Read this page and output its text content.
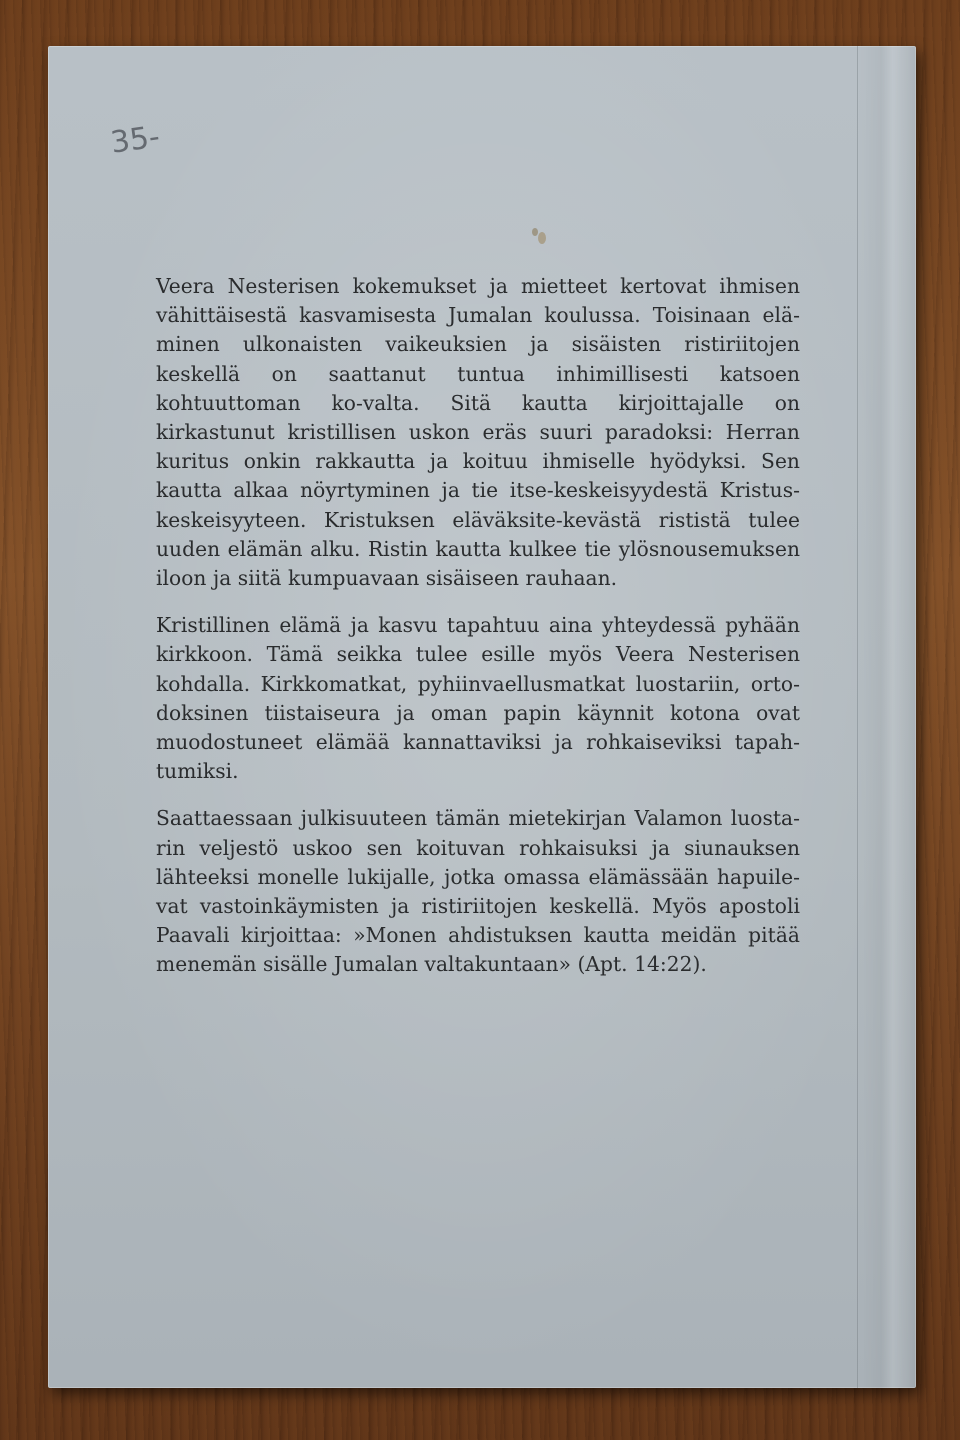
35-

Veera Nesterisen kokemukset ja mietteet kertovat ihmisen vähittäisestä kasvamisesta Jumalan koulussa. Toisinaan elä-minen ulkonaisten vaikeuksien ja sisäisten ristiriitojen keskellä on saattanut tuntua inhimillisesti katsoen kohtuuttoman ko-valta. Sitä kautta kirjoittajalle on kirkastunut kristillisen uskon eräs suuri paradoksi: Herran kuritus onkin rakkautta ja koituu ihmiselle hyödyksi. Sen kautta alkaa nöyrtyminen ja tie itse-keskeisyydestä Kristus-keskeisyyteen. Kristuksen eläväksite-kevästä rististä tulee uuden elämän alku. Ristin kautta kulkee tie ylösnousemuksen iloon ja siitä kumpuavaan sisäiseen rauhaan.

Kristillinen elämä ja kasvu tapahtuu aina yhteydessä pyhään kirkkoon. Tämä seikka tulee esille myös Veera Nesterisen kohdalla. Kirkkomatkat, pyhiinvaellusmatkat luostariin, orto-doksinen tiistaiseura ja oman papin käynnit kotona ovat muodostuneet elämää kannattaviksi ja rohkaiseviksi tapah-tumiksi.

Saattaessaan julkisuuteen tämän mietekirjan Valamon luosta-rin veljestö uskoo sen koituvan rohkaisuksi ja siunauksen lähteeksi monelle lukijalle, jotka omassa elämässään hapuile-vat vastoinkäymisten ja ristiriitojen keskellä. Myös apostoli Paavali kirjoittaa: »Monen ahdistuksen kautta meidän pitää menemän sisälle Jumalan valtakuntaan» (Apt. 14:22).
